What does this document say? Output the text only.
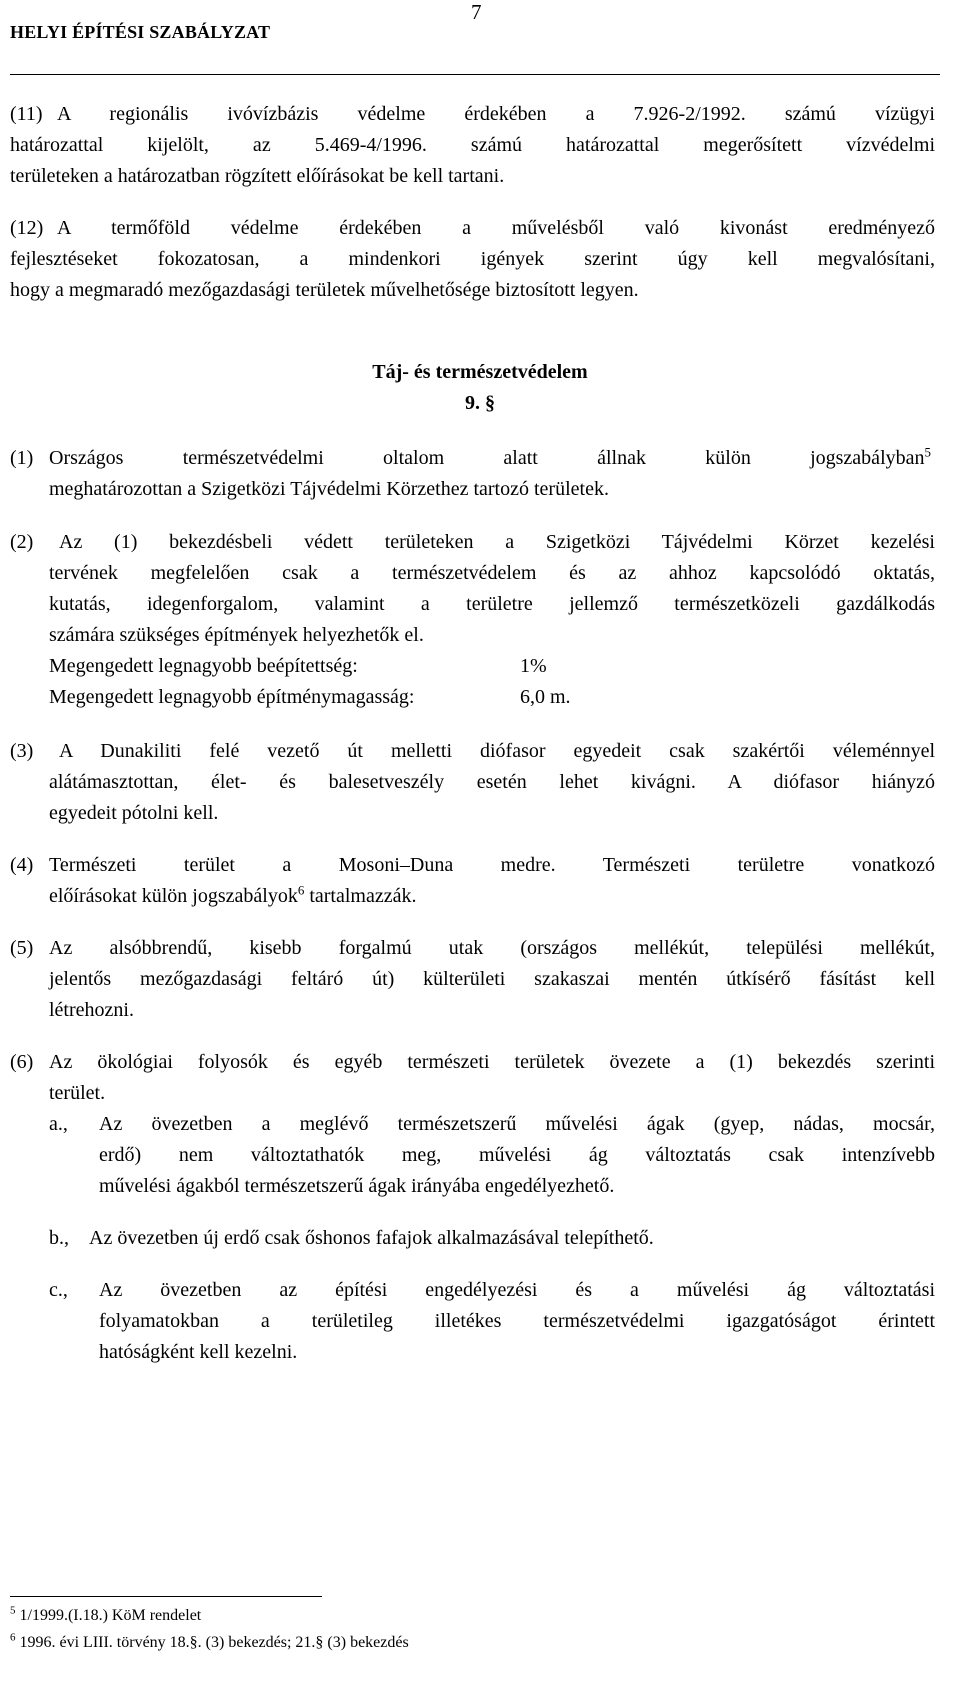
HELYI ÉPÍTÉSI SZABÁLYZAT
7
(11) A regionális ivóvízbázis védelme érdekében a 7.926-2/1992. számú vízügyi
határozattal kijelölt, az 5.469-4/1996. számú határozattal megerősített vízvédelmi
területeken a határozatban rögzített előírásokat be kell tartani.
(12) A termőföld védelme érdekében a művelésből való kivonást eredményező
fejlesztéseket fokozatosan, a mindenkori igények szerint úgy kell megvalósítani,
hogy a megmaradó mezőgazdasági területek művelhetősége biztosított legyen.
Táj- és természetvédelem
9. §
(1) Országos természetvédelmi oltalom alatt állnak külön jogszabályban$^5$
meghatározottan a Szigetközi Tájvédelmi Körzethez tartozó területek.
(2) Az (1) bekezdésbeli védett területeken a Szigetközi Tájvédelmi Körzet kezelési
tervének megfelelően csak a természetvédelem és az ahhoz kapcsolódó oktatás,
kutatás, idegenforgalom, valamint a területre jellemző természetközeli gazdálkodás
számára szükséges építmények helyezhetők el.
Megengedett legnagyobb beépítettség:	1%
Megengedett legnagyobb építménymagasság:	6,0 m.
(3) A Dunakiliti felé vezető út melletti diófasor egyedeit csak szakértői véleménnyel
alátámasztottan, élet- és balesetveszély esetén lehet kivágni. A diófasor hiányzó
egyedeit pótolni kell.
(4) Természeti terület a Mosoni–Duna medre. Természeti területre vonatkozó
előírásokat külön jogszabályok$^6$ tartalmazzák.
(5) Az alsóbbrendű, kisebb forgalmú utak (országos mellékút, települési mellékút,
jelentős mezőgazdasági feltáró út) külterületi szakaszai mentén útkísérő fásítást kell
létrehozni.
(6) Az ökológiai folyosók és egyéb természeti területek övezete a (1) bekezdés szerinti
terület.
a., Az övezetben a meglévő természetszerű művelési ágak (gyep, nádas, mocsár,
erdő) nem változtathatók meg, művelési ág változtatás csak intenzívebb
művelési ágakból természetszerű ágak irányába engedélyezhető.
b., Az övezetben új erdő csak őshonos fafajok alkalmazásával telepíthető.
c., Az övezetben az építési engedélyezési és a művelési ág változtatási
folyamatokban a területileg illetékes természetvédelmi igazgatóságot érintett
hatóságként kell kezelni.
$^5$ 1/1999.(I.18.) KöM rendelet
$^6$ 1996. évi LIII. törvény 18.§. (3) bekezdés; 21.§ (3) bekezdés
